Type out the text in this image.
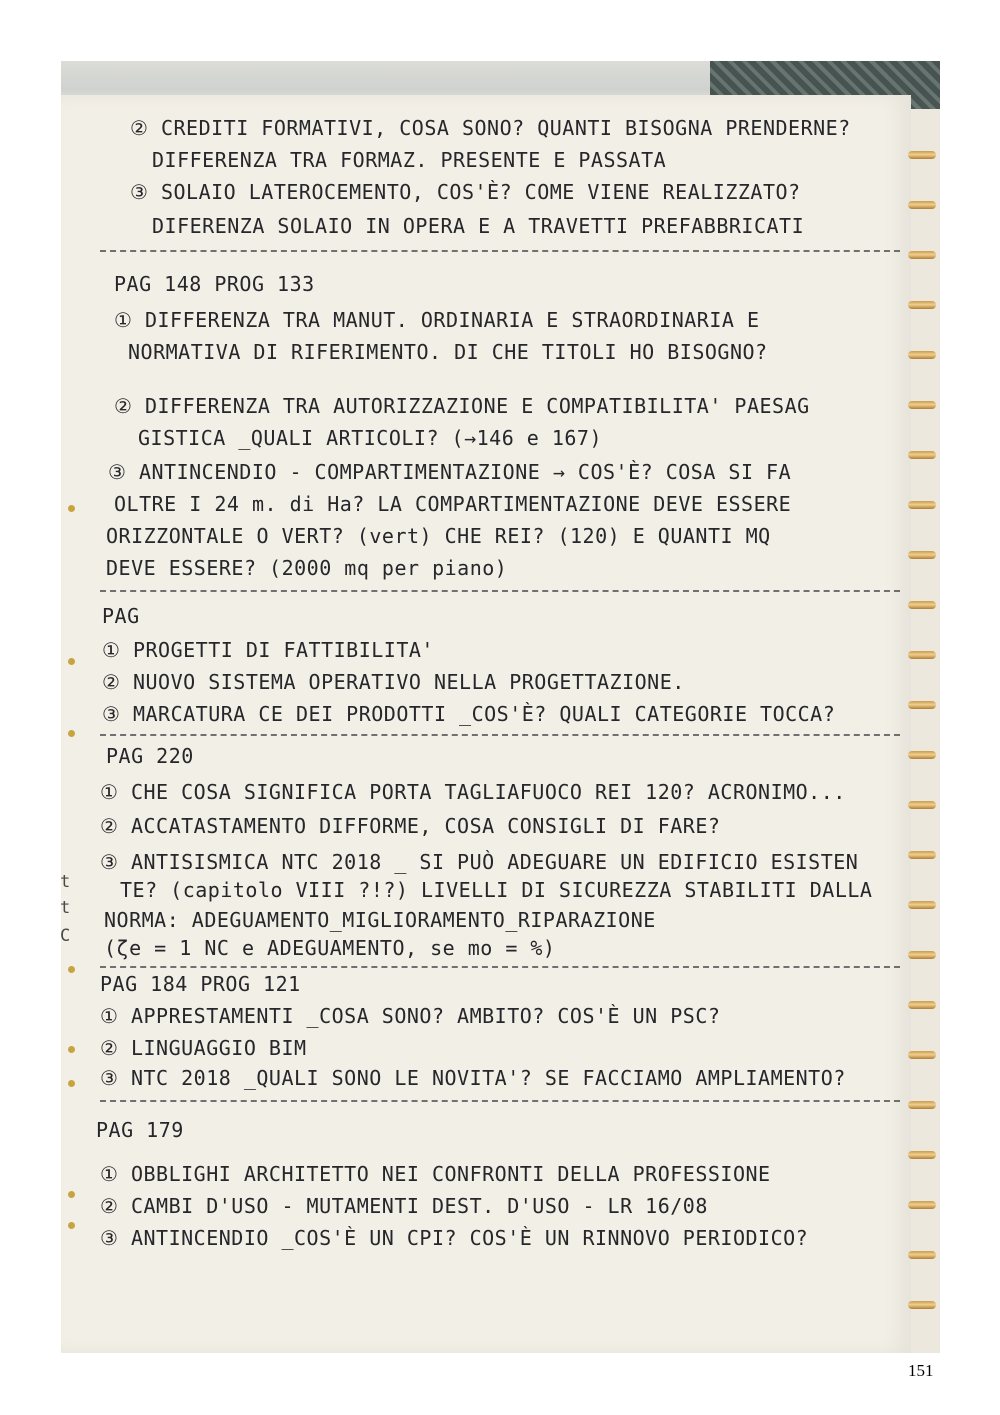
t
t
C
② CREDITI FORMATIVI, COSA SONO? QUANTI BISOGNA PRENDERNE?
DIFFERENZA TRA FORMAZ. PRESENTE E PASSATA
③ SOLAIO LATEROCEMENTO, COS'È? COME VIENE REALIZZATO?
DIFERENZA SOLAIO IN OPERA E A TRAVETTI PREFABBRICATI
PAG 148 PROG 133
① DIFFERENZA TRA MANUT. ORDINARIA E STRAORDINARIA E
NORMATIVA DI RIFERIMENTO. DI CHE TITOLI HO BISOGNO?
② DIFFERENZA TRA AUTORIZZAZIONE E COMPATIBILITA' PAESAG
GISTICA _QUALI ARTICOLI? (→146 e 167)
③ ANTINCENDIO - COMPARTIMENTAZIONE → COS'È? COSA SI FA
OLTRE I 24 m. di Ha? LA COMPARTIMENTAZIONE DEVE ESSERE
ORIZZONTALE O VERT? (vert) CHE REI? (120) E QUANTI MQ
DEVE ESSERE? (2000 mq per piano)
PAG
① PROGETTI DI FATTIBILITA'
② NUOVO SISTEMA OPERATIVO NELLA PROGETTAZIONE.
③ MARCATURA CE DEI PRODOTTI _COS'È? QUALI CATEGORIE TOCCA?
PAG 220
① CHE COSA SIGNIFICA PORTA TAGLIAFUOCO REI 120? ACRONIMO...
② ACCATASTAMENTO DIFFORME, COSA CONSIGLI DI FARE?
③ ANTISISMICA NTC 2018 _ SI PUÒ ADEGUARE UN EDIFICIO ESISTEN
TE? (capitolo VIII ?!?) LIVELLI DI SICUREZZA STABILITI DALLA
NORMA: ADEGUAMENTO_MIGLIORAMENTO_RIPARAZIONE
(ζe = 1 NC e ADEGUAMENTO, se mo = %)
PAG 184 PROG 121
① APPRESTAMENTI _COSA SONO? AMBITO? COS'È UN PSC?
② LINGUAGGIO BIM
③ NTC 2018 _QUALI SONO LE NOVITA'? SE FACCIAMO AMPLIAMENTO?
PAG 179
① OBBLIGHI ARCHITETTO NEI CONFRONTI DELLA PROFESSIONE
② CAMBI D'USO - MUTAMENTI DEST. D'USO - LR 16/08
③ ANTINCENDIO _COS'È UN CPI? COS'È UN RINNOVO PERIODICO?
151
